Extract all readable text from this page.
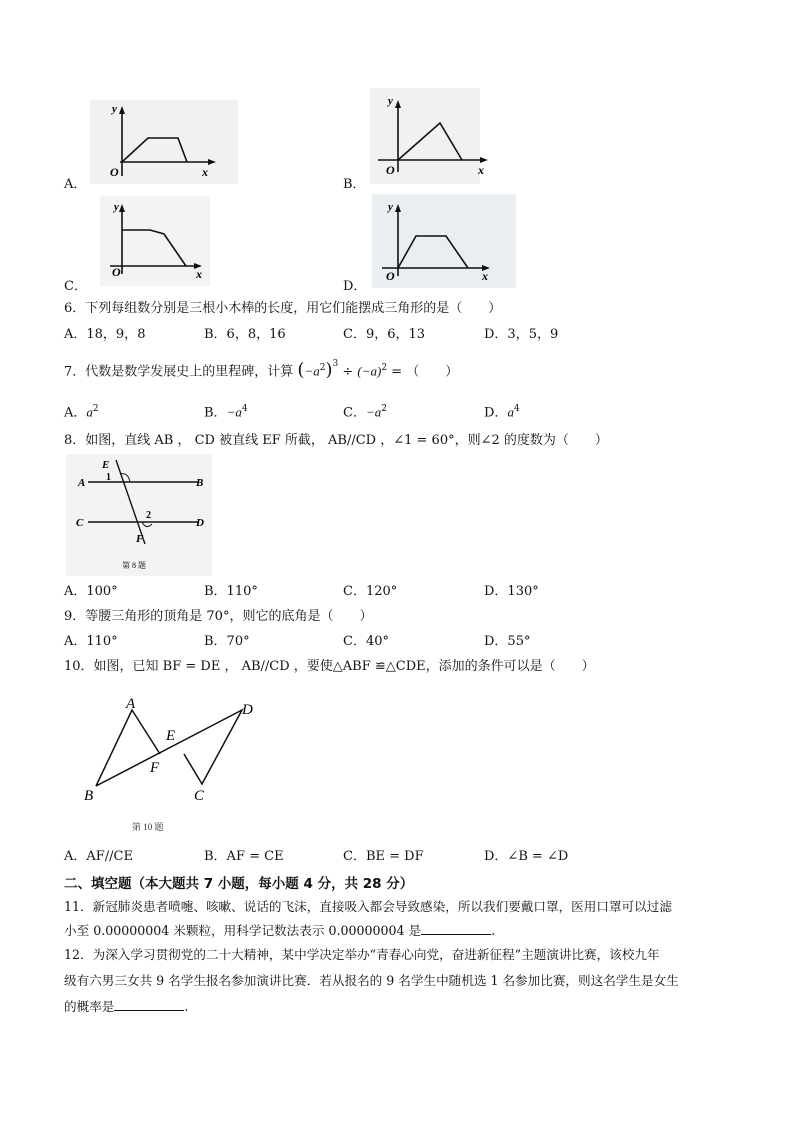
A．
O	x
y
B．
O	x
y
C．
O	x
y
D．
O	x
y
6．下列每组数分别是三根小木棒的长度，用它们能摆成三角形的是（　　）
A．18，9，8	B．6，8，16	C．9，6，13	D．3，5，9
7．代数是数学发展史上的里程碑，计算 $(-a^2)^3 \div (-a)^2$ = （　　）
A．$a^2$	B．$-a^4$	C．$-a^2$	D．$a^4$
8．如图，直线 AB ， CD 被直线 EF 所截， AB//CD ，∠1 = 60°，则∠2 的度数为（　　）
E
A	B
C	D
F
1
2
第 8 题
A．100°	B．110°	C．120°	D．130°
9．等腰三角形的顶角是 70°，则它的底角是（　　）
A．110°	B．70°	C．40°	D．55°
10．如图，已知 BF = DE ， AB//CD ，要使△ABF ≌△CDE，添加的条件可以是（　　）
A
B	C
D
E
F
第 10 题
A．AF//CE	B．AF = CE	C．BE = DF	D．∠B = ∠D
二、填空题（本大题共 7 小题，每小题 4 分，共 28 分）
11．新冠肺炎患者喷嚏、咳嗽、说话的飞沫，直接吸入都会导致感染，所以我们要戴口罩，医用口罩可以过滤
小至 0.00000004 米颗粒，用科学记数法表示 0.00000004 是	.
12．为深入学习贯彻党的二十大精神，某中学决定举办“青春心向党，奋进新征程”主题演讲比赛，该校九年
级有六男三女共 9 名学生报名参加演讲比赛．若从报名的 9 名学生中随机选 1 名参加比赛，则这名学生是女生
的概率是	.
